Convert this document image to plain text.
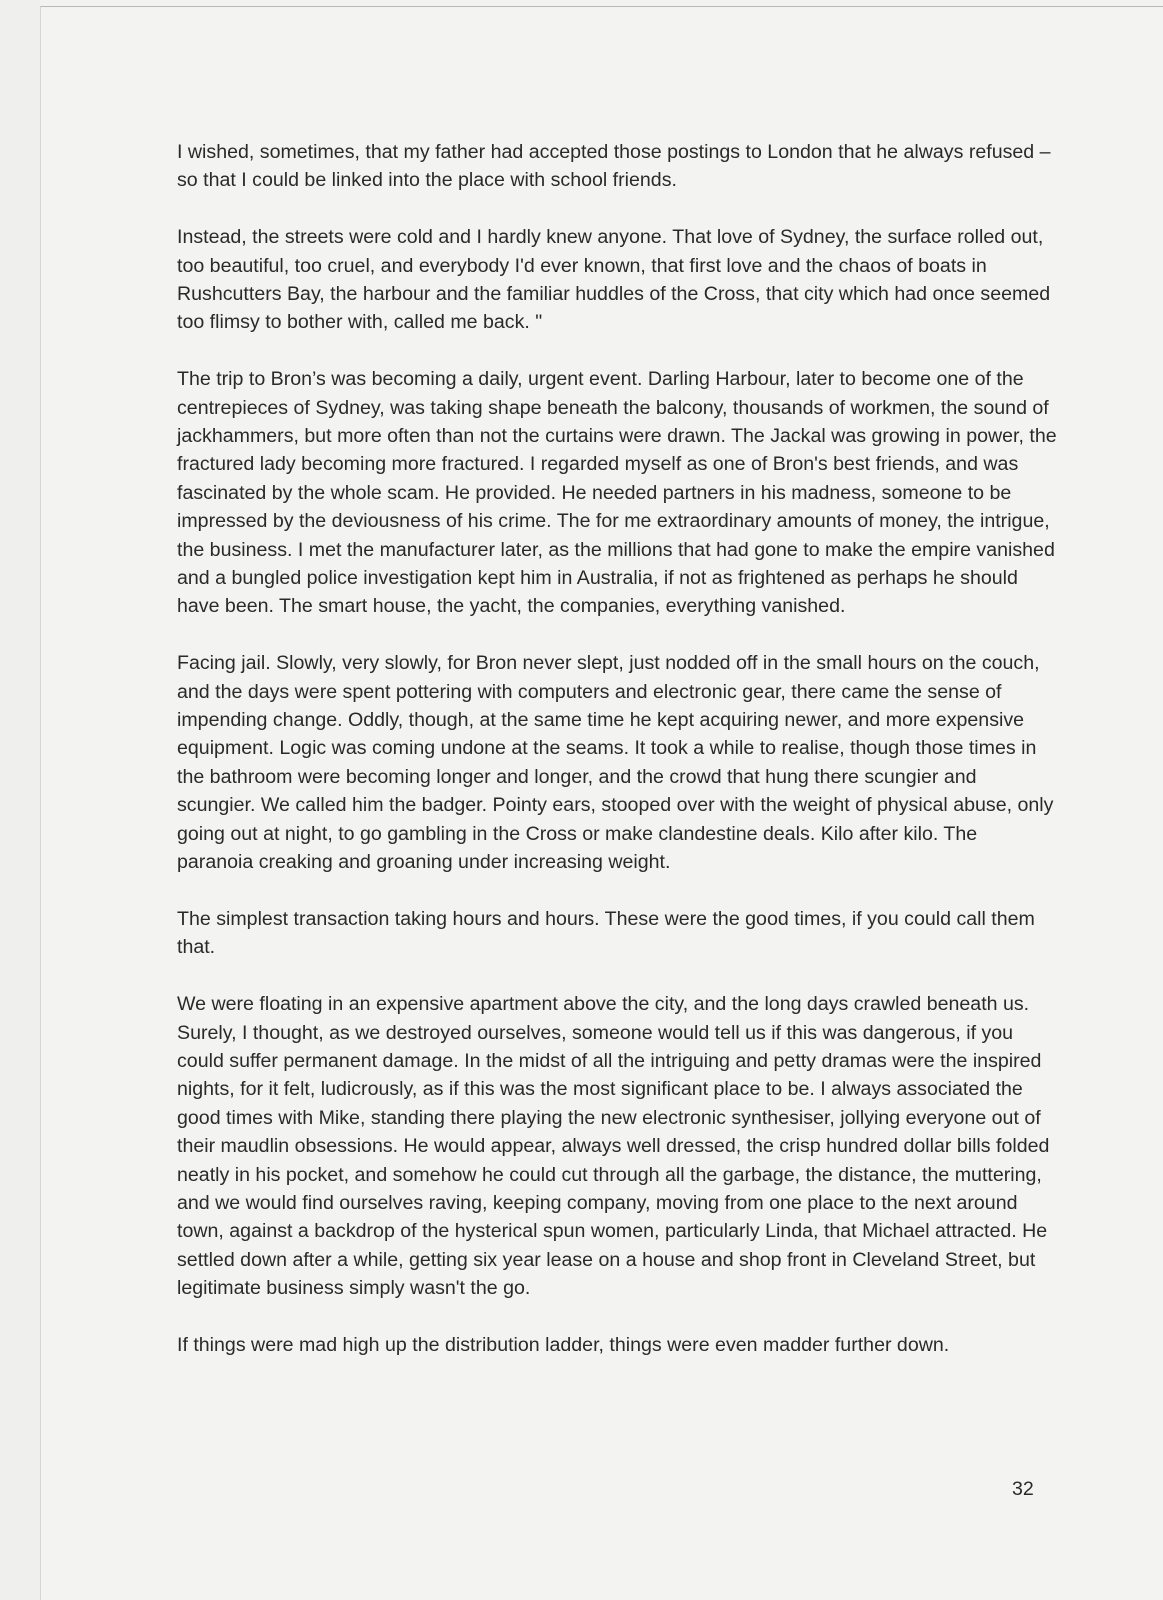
I wished, sometimes, that my father had accepted those postings to London that he always refused – so that I could be linked into the place with school friends.

Instead, the streets were cold and I hardly knew anyone. That love of Sydney, the surface rolled out, too beautiful, too cruel, and everybody I'd ever known, that first love and the chaos of boats in Rushcutters Bay, the harbour and the familiar huddles of the Cross, that city which had once seemed too flimsy to bother with, called me back. "

The trip to Bron’s was becoming a daily, urgent event. Darling Harbour, later to become one of the centrepieces of Sydney, was taking shape beneath the balcony, thousands of workmen, the sound of jackhammers, but more often than not the curtains were drawn. The Jackal was growing in power, the fractured lady becoming more fractured. I regarded myself as one of Bron's best friends, and was fascinated by the whole scam. He provided. He needed partners in his madness, someone to be impressed by the deviousness of his crime. The for me extraordinary amounts of money, the intrigue, the business. I met the manufacturer later, as the millions that had gone to make the empire vanished and a bungled police investigation kept him in Australia, if not as frightened as perhaps he should have been. The smart house, the yacht, the companies, everything vanished.

Facing jail. Slowly, very slowly, for Bron never slept, just nodded off in the small hours on the couch, and the days were spent pottering with computers and electronic gear, there came the sense of impending change. Oddly, though, at the same time he kept acquiring newer, and more expensive equipment. Logic was coming undone at the seams. It took a while to realise, though those times in the bathroom were becoming longer and longer, and the crowd that hung there scungier and scungier. We called him the badger. Pointy ears, stooped over with the weight of physical abuse, only going out at night, to go gambling in the Cross or make clandestine deals. Kilo after kilo. The paranoia creaking and groaning under increasing weight.

The simplest transaction taking hours and hours. These were the good times, if you could call them that.

We were floating in an expensive apartment above the city, and the long days crawled beneath us. Surely, I thought, as we destroyed ourselves, someone would tell us if this was dangerous, if you could suffer permanent damage. In the midst of all the intriguing and petty dramas were the inspired nights, for it felt, ludicrously, as if this was the most significant place to be. I always associated the good times with Mike, standing there playing the new electronic synthesiser, jollying everyone out of their maudlin obsessions. He would appear, always well dressed, the crisp hundred dollar bills folded neatly in his pocket, and somehow he could cut through all the garbage, the distance, the muttering, and we would find ourselves raving, keeping company, moving from one place to the next around town, against a backdrop of the hysterical spun women, particularly Linda, that Michael attracted. He settled down after a while, getting six year lease on a house and shop front in Cleveland Street, but legitimate business simply wasn't the go.

If things were mad high up the distribution ladder, things were even madder further down.

32
